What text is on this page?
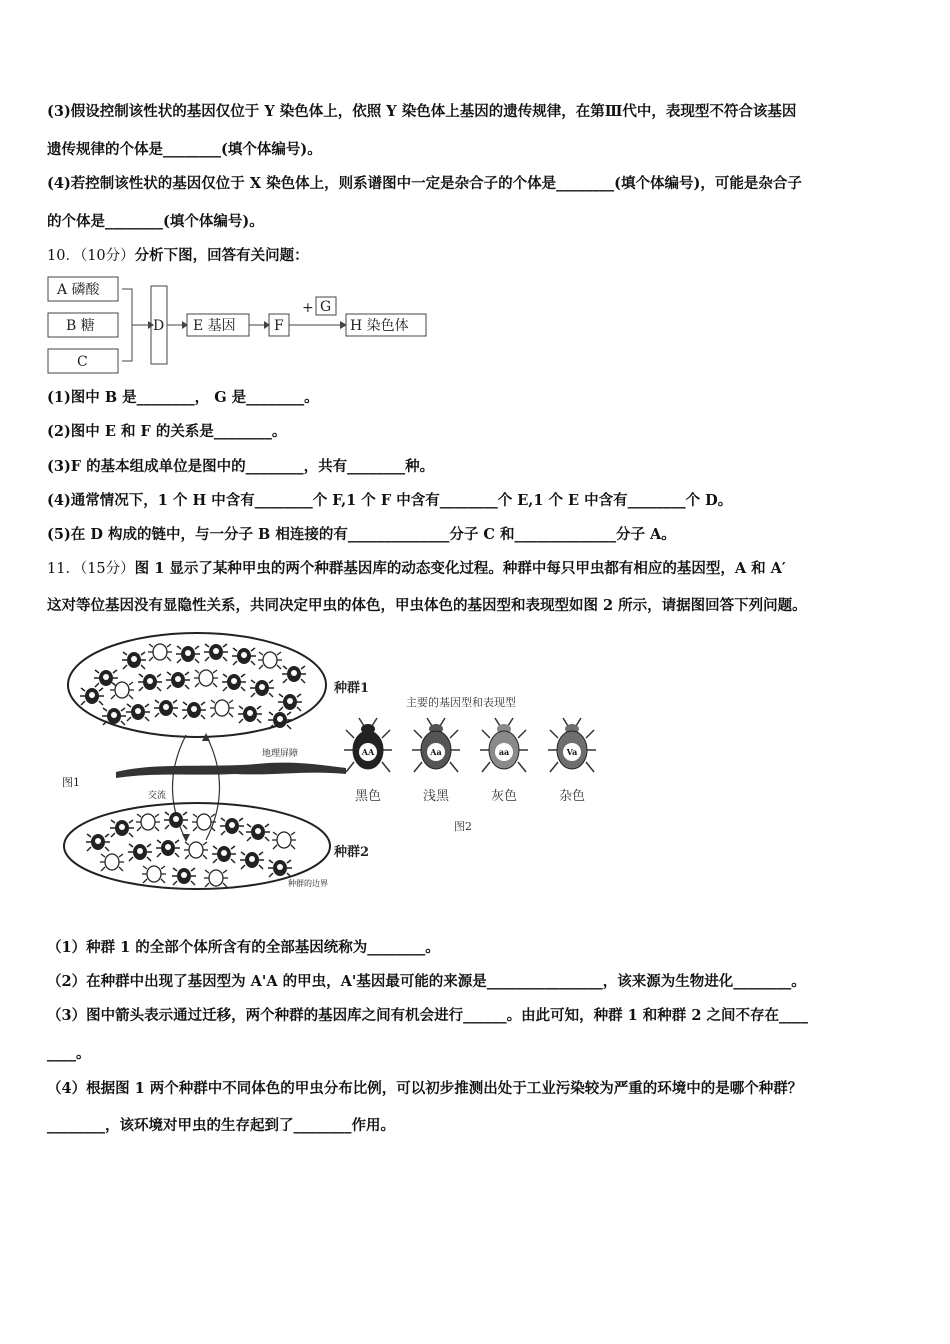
(3)假设控制该性状的基因仅位于 Y 染色体上，依照 Y 染色体上基因的遗传规律，在第Ⅲ代中，表现型不符合该基因
遗传规律的个体是________(填个体编号)。
(4)若控制该性状的基因仅位于 X 染色体上，则系谱图中一定是杂合子的个体是________(填个体编号)，可能是杂合子
的个体是________(填个体编号)。
10．（10分）分析下图，回答有关问题：
A 磷酸
B 糖
C
D E 基因	F
+ G
H 染色体
(1)图中 B 是________， G 是________。
(2)图中 E 和 F 的关系是________。
(3)F 的基本组成单位是图中的________，共有________种。
(4)通常情况下，1 个 H 中含有________个 F,1 个 F 中含有________个 E,1 个 E 中含有________个 D。
(5)在 D 构成的链中，与一分子 B 相连接的有______________分子 C 和______________分子 A。
11．（15分）图 1 显示了某种甲虫的两个种群基因库的动态变化过程。种群中每只甲虫都有相应的基因型，A 和 A′
这对等位基因没有显隐性关系，共同决定甲虫的体色，甲虫体色的基因型和表现型如图 2 所示，请据图回答下列问题。
地理屏障
交流
图1
种群1
种群2
种群的边界
主要的基因型和表现型
AA
黑色
Aa
浅黑
aa
灰色
Va
杂色
图2
（1）种群 1 的全部个体所含有的全部基因统称为________。
（2）在种群中出现了基因型为 A'A 的甲虫，A'基因最可能的来源是________________，该来源为生物进化________。
（3）图中箭头表示通过迁移，两个种群的基因库之间有机会进行______。由此可知，种群 1 和种群 2 之间不存在____
____。
（4）根据图 1 两个种群中不同体色的甲虫分布比例，可以初步推测出处于工业污染较为严重的环境中的是哪个种群？
________，该环境对甲虫的生存起到了________作用。
